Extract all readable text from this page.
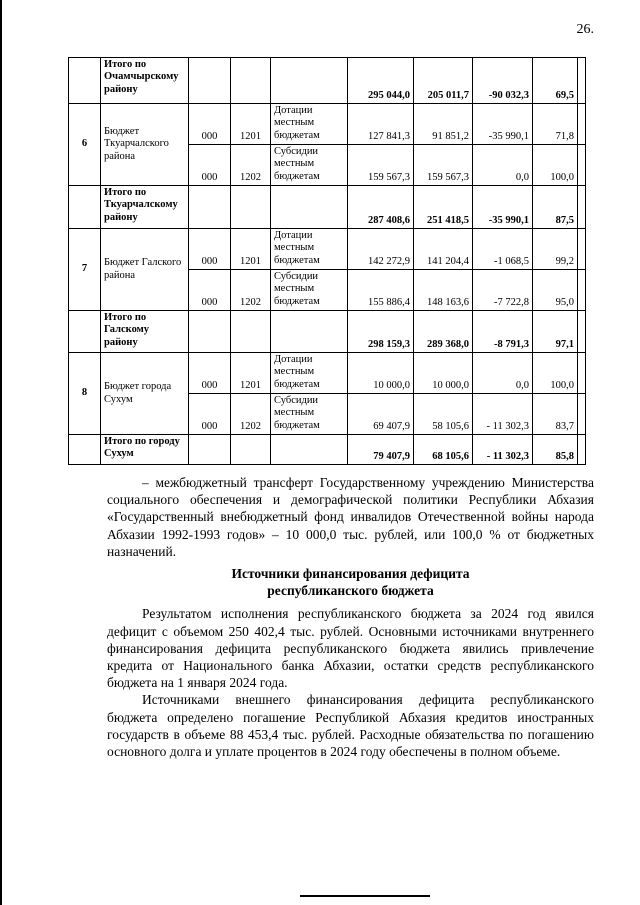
26.
	Итого по Очамчырскому району				295 044,0	205 011,7	-90 032,3	69,5	
6	Бюджет Ткуарчалского района	000	1201	Дотации местным бюджетам	127 841,3	91 851,2	-35 990,1	71,8	
		000	1202	Субсидии местным бюджетам	159 567,3	159 567,3	0,0	100,0	
	Итого по Ткуарчалскому району				287 408,6	251 418,5	-35 990,1	87,5	
7	Бюджет Галского района	000	1201	Дотации местным бюджетам	142 272,9	141 204,4	-1 068,5	99,2	
		000	1202	Субсидии местным бюджетам	155 886,4	148 163,6	-7 722,8	95,0	
	Итого по Галскому району				298 159,3	289 368,0	-8 791,3	97,1	
8	Бюджет города Сухум	000	1201	Дотации местным бюджетам	10 000,0	10 000,0	0,0	100,0	
		000	1202	Субсидии местным бюджетам	69 407,9	58 105,6	- 11 302,3	83,7	
	Итого по городу Сухум				79 407,9	68 105,6	- 11 302,3	85,8	

– межбюджетный трансферт Государственному учреждению Министерства социального обеспечения и демографической политики Республики Абхазия «Государственный внебюджетный фонд инвалидов Отечественной войны народа Абхазии 1992-1993 годов» – 10 000,0 тыс. рублей, или 100,0 % от бюджетных назначений.

Источники финансирования дефицита
республиканского бюджета

Результатом исполнения республиканского бюджета за 2024 год явился дефицит с объемом 250 402,4 тыс. рублей. Основными источниками внутреннего финансирования дефицита республиканского бюджета явились привлечение кредита от Национального банка Абхазии, остатки средств республиканского бюджета на 1 января 2024 года.

Источниками внешнего финансирования дефицита республиканского бюджета определено погашение Республикой Абхазия кредитов иностранных государств в объеме 88 453,4 тыс. рублей. Расходные обязательства по погашению основного долга и уплате процентов в 2024 году обеспечены в полном объеме.
